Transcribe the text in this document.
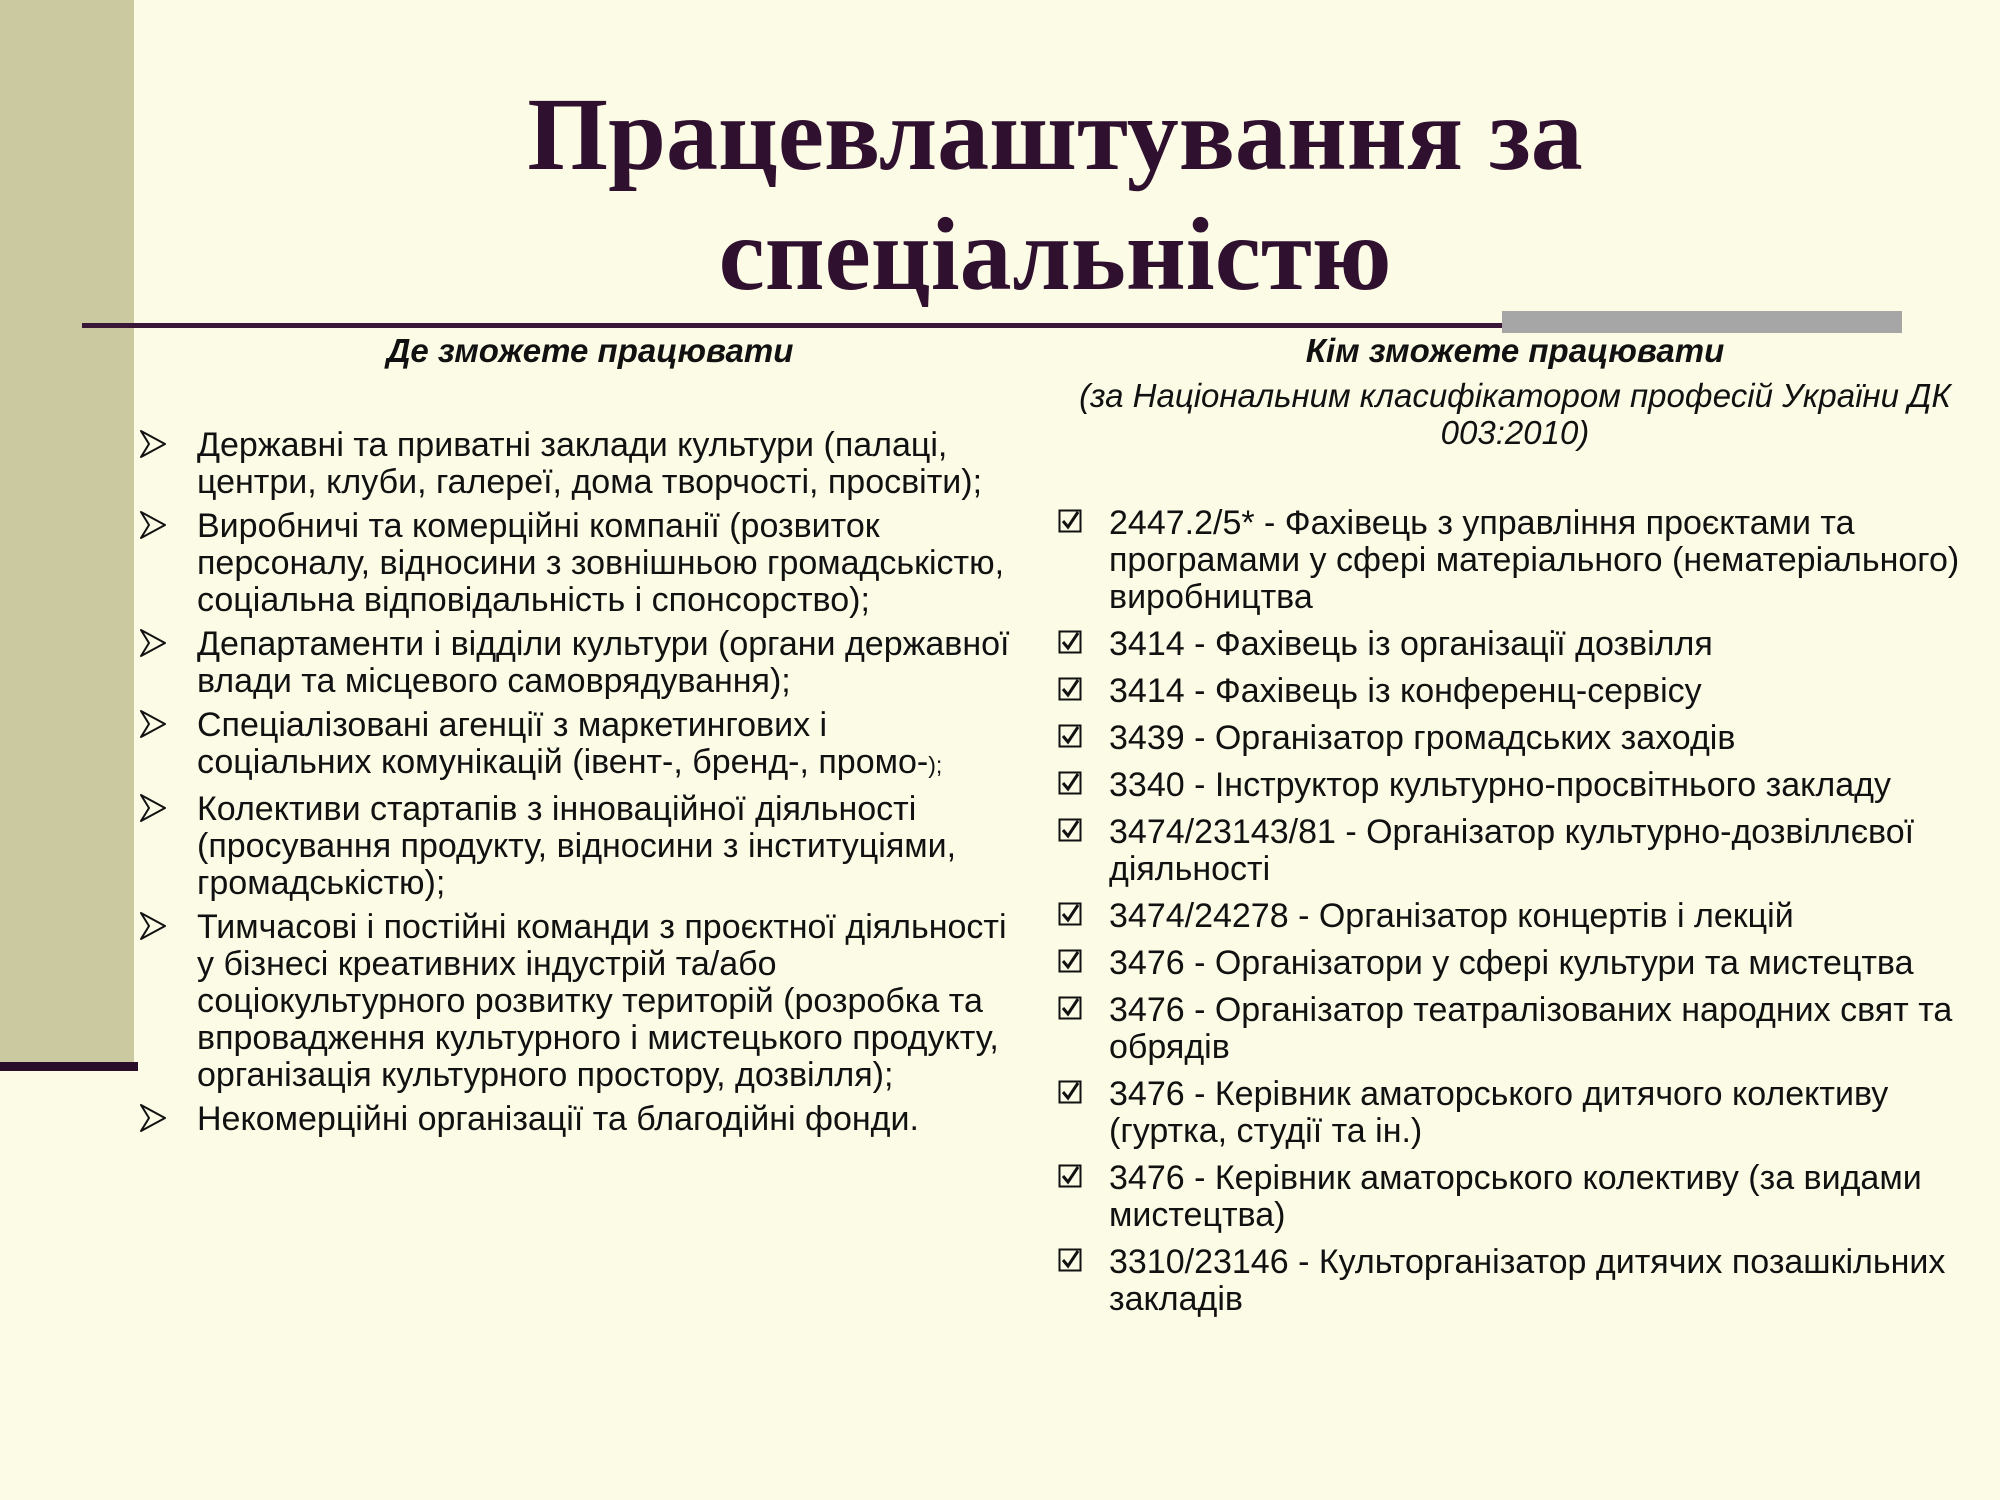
Працевлаштування за
спеціальністю
Де зможете працювати	Кім зможете працювати
(за Національним класифікатором професій України ДК 003:2010)
Державні та приватні заклади культури (палаці, центри, клуби, галереї, дома творчості, просвіти);
Виробничі та комерційні компанії (розвиток персоналу, відносини з зовнішньою громадськістю, соціальна відповідальність і спонсорство);
Департаменти і відділи культури (органи державної влади та місцевого самоврядування);
Спеціалізовані агенції з маркетингових і соціальних комунікацій (івент-, бренд-, промо-);
Колективи стартапів з інноваційної діяльності (просування продукту, відносини з інституціями, громадськістю);
Тимчасові і постійні команди з проєктної діяльності у бізнесі креативних індустрій та/або соціокультурного розвитку територій (розробка та впровадження культурного і мистецького продукту, організація культурного простору, дозвілля);
Некомерційні організації та благодійні фонди.
2447.2/5* - Фахівець з управління проєктами та програмами у сфері матеріального (нематеріального) виробництва
3414 - Фахівець із організації дозвілля
3414 - Фахівець із конференц-сервісу
3439 - Організатор громадських заходів
3340 - Інструктор культурно-просвітнього закладу
3474/23143/81 - Організатор культурно-дозвіллєвої діяльності
3474/24278 - Організатор концертів і лекцій
3476 - Організатори у сфері культури та мистецтва
3476 - Організатор театралізованих народних свят та обрядів
3476 - Керівник аматорського дитячого колективу (гуртка, студії та ін.)
3476 - Керівник аматорського колективу (за видами мистецтва)
3310/23146 - Культорганізатор дитячих позашкільних закладів
